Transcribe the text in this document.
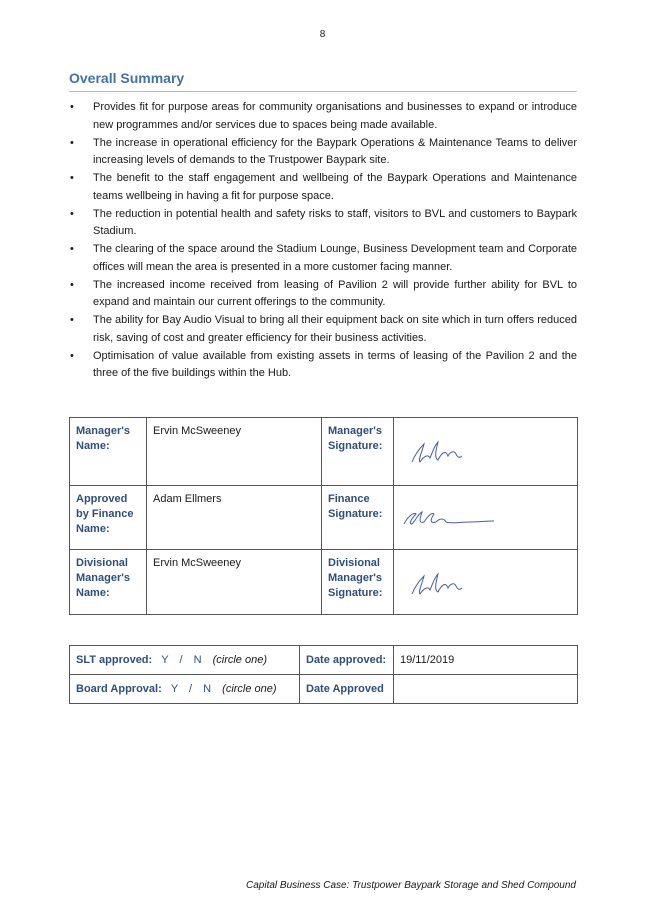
8
Overall Summary
• Provides fit for purpose areas for community organisations and businesses to expand or introduce new programmes and/or services due to spaces being made available.
• The increase in operational efficiency for the Baypark Operations & Maintenance Teams to deliver increasing levels of demands to the Trustpower Baypark site.
• The benefit to the staff engagement and wellbeing of the Baypark Operations and Maintenance teams wellbeing in having a fit for purpose space.
• The reduction in potential health and safety risks to staff, visitors to BVL and customers to Baypark Stadium.
• The clearing of the space around the Stadium Lounge, Business Development team and Corporate offices will mean the area is presented in a more customer facing manner.
• The increased income received from leasing of Pavilion 2 will provide further ability for BVL to expand and maintain our current offerings to the community.
• The ability for Bay Audio Visual to bring all their equipment back on site which in turn offers reduced risk, saving of cost and greater efficiency for their business activities.
• Optimisation of value available from existing assets in terms of leasing of the Pavilion 2 and the three of the five buildings within the Hub.
Manager's Name:	Ervin McSweeney	Manager's Signature:	

Approved by Finance Name:	Adam Ellmers	Finance Signature:	

Divisional Manager's Name:	Ervin McSweeney	Divisional Manager's Signature:	
SLT approved: Y / N (circle one)	Date approved:	19/11/2019
Board Approval: Y / N (circle one)	Date Approved	
Capital Business Case: Trustpower Baypark Storage and Shed Compound
